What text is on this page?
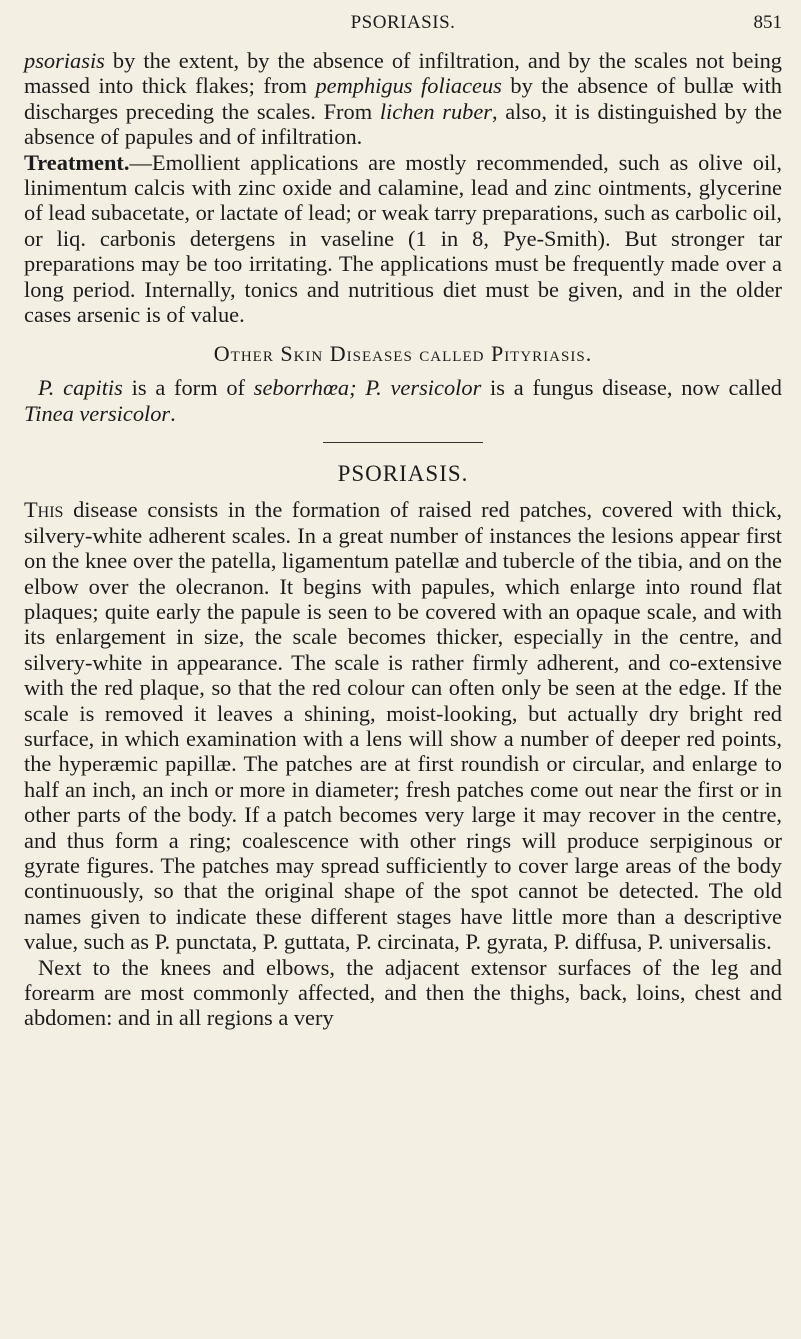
PSORIASIS.	851

psoriasis by the extent, by the absence of infiltration, and by the scales not being massed into thick flakes; from pemphigus foliaceus by the absence of bullæ with discharges preceding the scales. From lichen ruber, also, it is distinguished by the absence of papules and of infiltration.

Treatment.—Emollient applications are mostly recommended, such as olive oil, linimentum calcis with zinc oxide and calamine, lead and zinc ointments, glycerine of lead subacetate, or lactate of lead; or weak tarry preparations, such as carbolic oil, or liq. carbonis detergens in vaseline (1 in 8, Pye-Smith). But stronger tar preparations may be too irritating. The applications must be frequently made over a long period. Internally, tonics and nutritious diet must be given, and in the older cases arsenic is of value.

Other Skin Diseases called Pityriasis.

P. capitis is a form of seborrhœa; P. versicolor is a fungus disease, now called Tinea versicolor.

PSORIASIS.

This disease consists in the formation of raised red patches, covered with thick, silvery-white adherent scales. In a great number of instances the lesions appear first on the knee over the patella, ligamentum patellæ and tubercle of the tibia, and on the elbow over the olecranon. It begins with papules, which enlarge into round flat plaques; quite early the papule is seen to be covered with an opaque scale, and with its enlargement in size, the scale becomes thicker, especially in the centre, and silvery-white in appearance. The scale is rather firmly adherent, and co-extensive with the red plaque, so that the red colour can often only be seen at the edge. If the scale is removed it leaves a shining, moist-looking, but actually dry bright red surface, in which examination with a lens will show a number of deeper red points, the hyperæmic papillæ. The patches are at first roundish or circular, and enlarge to half an inch, an inch or more in diameter; fresh patches come out near the first or in other parts of the body. If a patch becomes very large it may recover in the centre, and thus form a ring; coalescence with other rings will produce serpiginous or gyrate figures. The patches may spread sufficiently to cover large areas of the body continuously, so that the original shape of the spot cannot be detected. The old names given to indicate these different stages have little more than a descriptive value, such as P. punctata, P. guttata, P. circinata, P. gyrata, P. diffusa, P. universalis.

Next to the knees and elbows, the adjacent extensor surfaces of the leg and forearm are most commonly affected, and then the thighs, back, loins, chest and abdomen: and in all regions a very
